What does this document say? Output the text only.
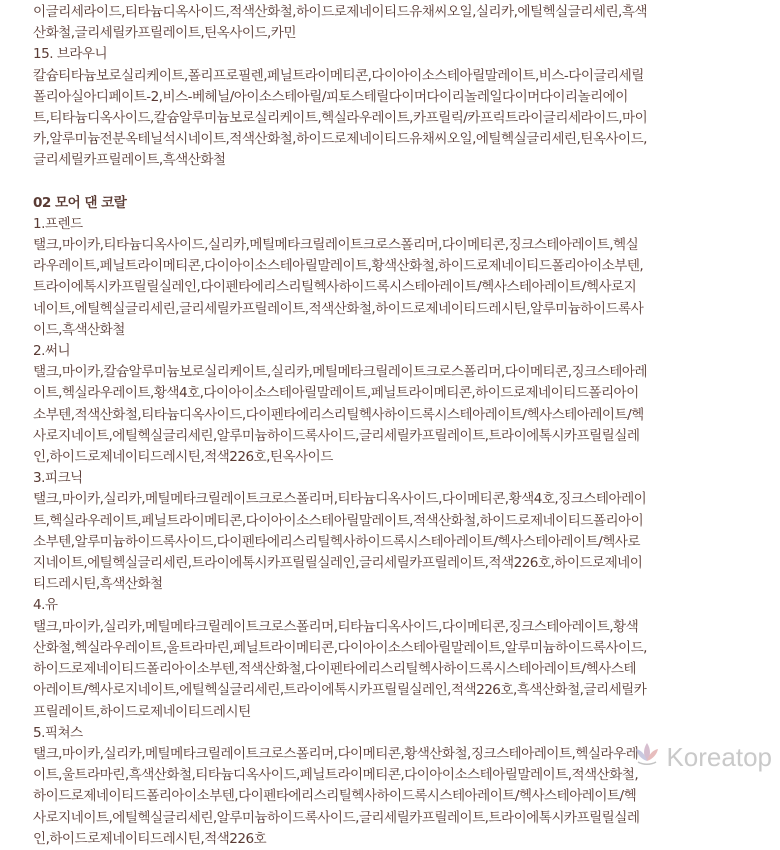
이글리세라이드,티타늄디옥사이드,적색산화철,하이드로제네이티드유채씨오일,실리카,에틸헥실글리세린,흑색
산화철,글리세릴카프릴레이트,틴옥사이드,카민
15. 브라우니
칼슘티타늄보로실리케이트,폴리프로필렌,페닐트라이메티콘,다이아이소스테아릴말레이트,비스-다이글리세릴
폴리아실아디페이트-2,비스-베헤닐/아이소스테아릴/피토스테릴다이머다이리놀레일다이머다이리놀리에이
트,티타늄디옥사이드,칼슘알루미늄보로실리케이트,헥실라우레이트,카프릴릭/카프릭트라이글리세라이드,마이
카,알루미늄전분옥테닐석시네이트,적색산화철,하이드로제네이티드유채씨오일,에틸헥실글리세린,틴옥사이드,
글리세릴카프릴레이트,흑색산화철
02 모어 댄 코랄
1.프렌드
탤크,마이카,티타늄디옥사이드,실리카,메틸메타크릴레이트크로스폴리머,다이메티콘,징크스테아레이트,헥실
라우레이트,페닐트라이메티콘,다이아이소스테아릴말레이트,황색산화철,하이드로제네이티드폴리아이소부텐,
트라이에톡시카프릴릴실레인,다이펜타에리스리틸헥사하이드록시스테아레이트/헥사스테아레이트/헥사로지
네이트,에틸헥실글리세린,글리세릴카프릴레이트,적색산화철,하이드로제네이티드레시틴,알루미늄하이드록사
이드,흑색산화철
2.써니
탤크,마이카,칼슘알루미늄보로실리케이트,실리카,메틸메타크릴레이트크로스폴리머,다이메티콘,징크스테아레
이트,헥실라우레이트,황색4호,다이아이소스테아릴말레이트,페닐트라이메티콘,하이드로제네이티드폴리아이
소부텐,적색산화철,티타늄디옥사이드,다이펜타에리스리틸헥사하이드록시스테아레이트/헥사스테아레이트/헥
사로지네이트,에틸헥실글리세린,알루미늄하이드록사이드,글리세릴카프릴레이트,트라이에톡시카프릴릴실레
인,하이드로제네이티드레시틴,적색226호,틴옥사이드
3.피크닉
탤크,마이카,실리카,메틸메타크릴레이트크로스폴리머,티타늄디옥사이드,다이메티콘,황색4호,징크스테아레이
트,헥실라우레이트,페닐트라이메티콘,다이아이소스테아릴말레이트,적색산화철,하이드로제네이티드폴리아이
소부텐,알루미늄하이드록사이드,다이펜타에리스리틸헥사하이드록시스테아레이트/헥사스테아레이트/헥사로
지네이트,에틸헥실글리세린,트라이에톡시카프릴릴실레인,글리세릴카프릴레이트,적색226호,하이드로제네이
티드레시틴,흑색산화철
4.유
탤크,마이카,실리카,메틸메타크릴레이트크로스폴리머,티타늄디옥사이드,다이메티콘,징크스테아레이트,황색
산화철,헥실라우레이트,울트라마린,페닐트라이메티콘,다이아이소스테아릴말레이트,알루미늄하이드록사이드,
하이드로제네이티드폴리아이소부텐,적색산화철,다이펜타에리스리틸헥사하이드록시스테아레이트/헥사스테
아레이트/헥사로지네이트,에틸헥실글리세린,트라이에톡시카프릴릴실레인,적색226호,흑색산화철,글리세릴카
프릴레이트,하이드로제네이티드레시틴
5.픽쳐스
탤크,마이카,실리카,메틸메타크릴레이트크로스폴리머,다이메티콘,황색산화철,징크스테아레이트,헥실라우레
이트,울트라마린,흑색산화철,티타늄디옥사이드,페닐트라이메티콘,다이아이소스테아릴말레이트,적색산화철,
하이드로제네이티드폴리아이소부텐,다이펜타에리스리틸헥사하이드록시스테아레이트/헥사스테아레이트/헥
사로지네이트,에틸헥실글리세린,알루미늄하이드록사이드,글리세릴카프릴레이트,트라이에톡시카프릴릴실레
인,하이드로제네이티드레시틴,적색226호
Koreatop
